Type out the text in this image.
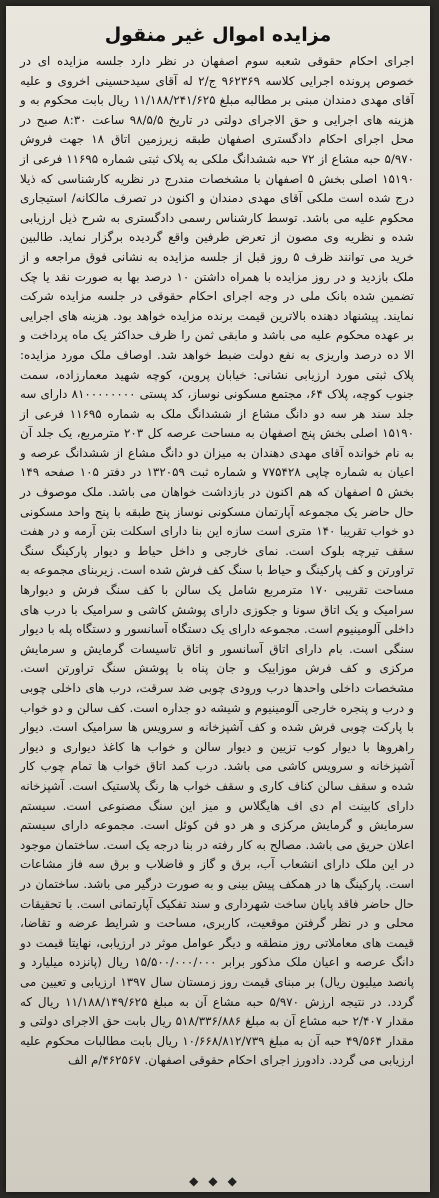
مزایده اموال غیر منقول

اجرای احکام حقوقی شعبه سوم اصفهان در نظر دارد جلسه مزایده ای در خصوص پرونده اجرایی کلاسه ۹۶۲۳۶۹ ج/۲ له آقای سیدحسینی اخروی و علیه آقای مهدی دمندان مبنی بر مطالبه مبلغ ۱۱/۱۸۸/۲۴۱/۶۲۵ ریال بابت محکوم به و هزینه های اجرایی و حق الاجرای دولتی در تاریخ ۹۸/۵/۵ ساعت ۸:۳۰ صبح در محل اجرای احکام دادگستری اصفهان طبقه زیرزمین اتاق ۱۸ جهت فروش ۵/۹۷۰ حبه مشاع از ۷۲ حبه ششدانگ ملکی به پلاک ثبتی شماره ۱۱۶۹۵ فرعی از ۱۵۱۹۰ اصلی بخش ۵ اصفهان با مشخصات مندرج در نظریه کارشناسی که ذیلا درج شده است ملکی آقای مهدی دمندان و اکنون در تصرف مالکانه/ استیجاری محکوم علیه می باشد. توسط کارشناس رسمی دادگستری به شرح ذیل ارزیابی شده و نظریه وی مصون از تعرض طرفین واقع گردیده برگزار نماید. طالبین خرید می توانند ظرف ۵ روز قبل از جلسه مزایده به نشانی فوق مراجعه و از ملک بازدید و در روز مزایده با همراه داشتن ۱۰ درصد بها به صورت نقد یا چک تضمین شده بانک ملی در وجه اجرای احکام حقوقی در جلسه مزایده شرکت نمایند. پیشنهاد دهنده بالاترین قیمت برنده مزایده خواهد بود. هزینه های اجرایی بر عهده محکوم علیه می باشد و مابقی ثمن را ظرف حداکثر یک ماه پرداخت و الا ده درصد واریزی به نفع دولت ضبط خواهد شد. اوصاف ملک مورد مزایده: پلاک ثبتی مورد ارزیابی نشانی: خیابان پروین، کوچه شهید معمارزاده، سمت جنوب کوچه، پلاک ۶۴، مجتمع مسکونی نوساز، کد پستی ۸۱۰۰۰۰۰۰۰۰ دارای سه جلد سند هر سه دو دانگ مشاع از ششدانگ ملک به شماره ۱۱۶۹۵ فرعی از ۱۵۱۹۰ اصلی بخش پنج اصفهان به مساحت عرصه کل ۲۰۳ مترمربع، یک جلد آن به نام خوانده آقای مهدی دهندان به میزان دو دانگ مشاع از ششدانگ عرصه و اعیان به شماره چاپی ۷۷۵۴۲۸ و شماره ثبت ۱۳۲۰۵۹ در دفتر ۱۰۵ صفحه ۱۴۹ بخش ۵ اصفهان که هم اکنون در بازداشت خواهان می باشد. ملک موصوف در حال حاضر یک مجموعه آپارتمان مسکونی نوساز پنج طبقه با پنج واحد مسکونی دو خواب تقریبا ۱۴۰ متری است سازه این بنا دارای اسکلت بتن آرمه و در هفت سقف تیرچه بلوک است. نمای خارجی و داخل حیاط و دیوار پارکینگ سنگ تراورتن و کف پارکینگ و حیاط با سنگ کف فرش شده است. زیربنای مجموعه به مساحت تقریبی ۱۷۰ مترمربع شامل یک سالن با کف سنگ فرش و دیوارها سرامیک و یک اتاق سونا و جکوزی دارای پوشش کاشی و سرامیک با درب های داخلی آلومینیوم است. مجموعه دارای یک دستگاه آسانسور و دستگاه پله با دیوار سنگی است. بام دارای اتاق آسانسور و اتاق تاسیسات گرمایش و سرمایش مرکزی و کف فرش موزاییک و جان پناه با پوشش سنگ تراورتن است. مشخصات داخلی واحدها درب ورودی چوبی ضد سرقت، درب های داخلی چوبی و درب و پنجره خارجی آلومینیوم و شیشه دو جداره است. کف سالن و دو خواب با پارکت چوبی فرش شده و کف آشپزخانه و سرویس ها سرامیک است. دیوار راهروها با دیوار کوب تزیین و دیوار سالن و خواب ها کاغذ دیواری و دیوار آشپزخانه و سرویس کاشی می باشد. درب کمد اتاق خواب ها تمام چوب کار شده و سقف سالن کناف کاری و سقف خواب ها رنگ پلاستیک است. آشپزخانه دارای کابینت ام دی اف هایگلاس و میز این سنگ مصنوعی است. سیستم سرمایش و گرمایش مرکزی و هر دو فن کوئل است. مجموعه دارای سیستم اعلان حریق می باشد. مصالح به کار رفته در بنا درجه یک است. ساختمان موجود در این ملک دارای انشعاب آب، برق و گاز و فاضلاب و برق سه فاز مشاعات است. پارکینگ ها در همکف پیش بینی و به صورت درگیر می باشد. ساختمان در حال حاضر فاقد پایان ساخت شهرداری و سند تفکیک آپارتمانی است. با تحقیقات محلی و در نظر گرفتن موقعیت، کاربری، مساحت و شرایط عرضه و تقاضا، قیمت های معاملاتی روز منطقه و دیگر عوامل موثر در ارزیابی، نهایتا قیمت دو دانگ عرصه و اعیان ملک مذکور برابر ۱۵/۵۰۰/۰۰۰/۰۰۰ ریال (پانزده میلیارد و پانصد میلیون ریال) بر مبنای قیمت روز زمستان سال ۱۳۹۷ ارزیابی و تعیین می گردد. در نتیجه ارزش ۵/۹۷۰ حبه مشاع آن به مبلغ ۱۱/۱۸۸/۱۴۹/۶۲۵ ریال که مقدار ۲/۴۰۷ حبه مشاع آن به مبلغ ۵۱۸/۳۳۶/۸۸۶ ریال بابت حق الاجرای دولتی و مقدار ۴۹/۵۶۴ حبه آن به مبلغ ۱۰/۶۶۸/۸۱۲/۷۳۹ ریال بابت مطالبات محکوم علیه ارزیابی می گردد. دادورز اجرای احکام حقوقی اصفهان. ۴۶۲۵۶۷/م الف

◆◆◆
